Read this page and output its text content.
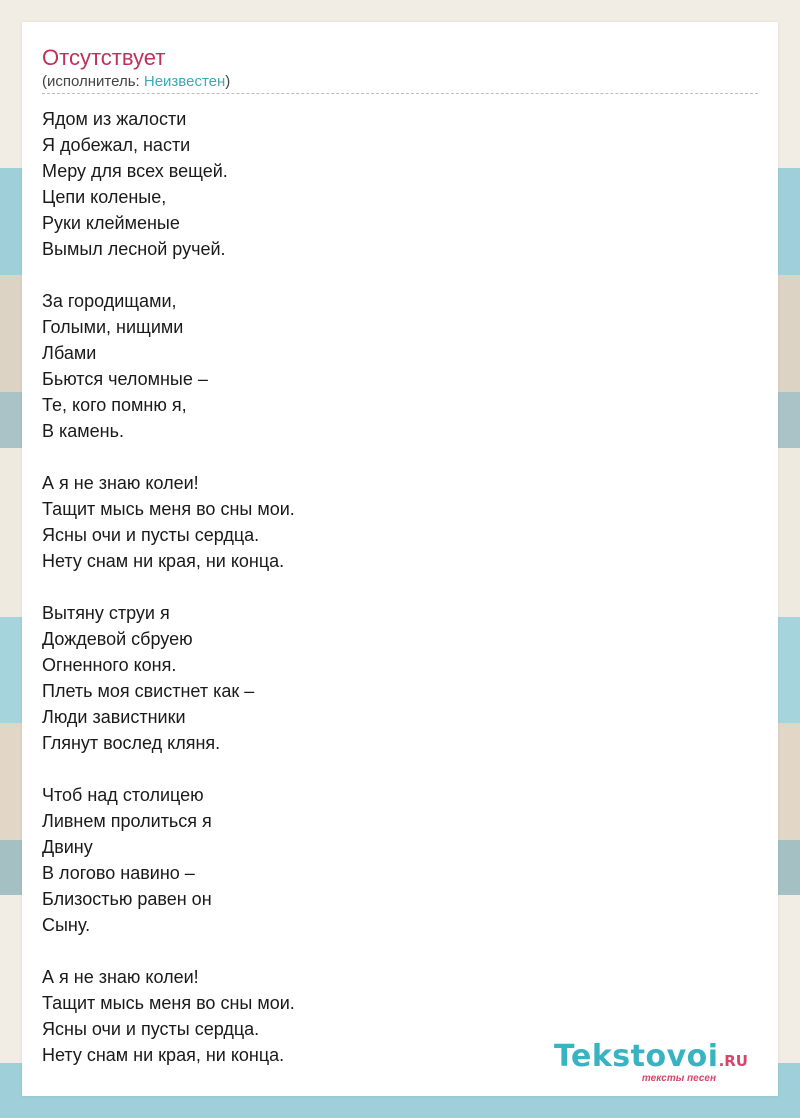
Отсутствует
(исполнитель: Неизвестен)
Ядом из жалости
Я добежал, насти
Меру для всех вещей.
Цепи коленые,
Руки клейменые
Вымыл лесной ручей.
За городищами,
Голыми, нищими
Лбами
Бьются челомные –
Те, кого помню я,
В камень.
А я не знаю колеи!
Тащит мысь меня во сны мои.
Ясны очи и пусты сердца.
Нету снам ни края, ни конца.
Вытяну струи я
Дождевой сбруею
Огненного коня.
Плеть моя свистнет как –
Люди завистники
Глянут вослед кляня.
Чтоб над столицею
Ливнем пролиться я
Двину
В логово навино –
Близостью равен он
Сыну.
А я не знаю колеи!
Тащит мысь меня во сны мои.
Ясны очи и пусты сердца.
Нету снам ни края, ни конца.	Tekstovoi.RU
тексты песен
